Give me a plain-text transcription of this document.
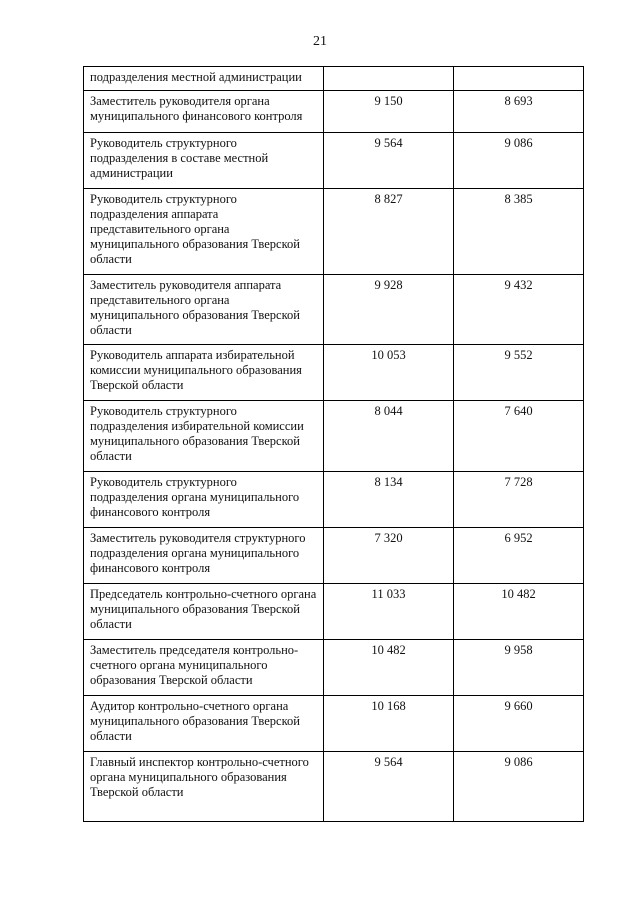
21
подразделения местной администрации		
Заместитель руководителя органа муниципального финансового контроля	9 150	8 693
Руководитель структурного подразделения в составе местной администрации	9 564	9 086
Руководитель структурного подразделения аппарата представительного органа муниципального образования Тверской области	8 827	8 385
Заместитель руководителя аппарата представительного органа муниципального образования Тверской области	9 928	9 432
Руководитель аппарата избирательной комиссии муниципального образования Тверской области	10 053	9 552
Руководитель структурного подразделения избирательной комиссии муниципального образования Тверской области	8 044	7 640
Руководитель структурного подразделения органа муниципального финансового контроля	8 134	7 728
Заместитель руководителя структурного подразделения органа муниципального финансового контроля	7 320	6 952
Председатель контрольно-счетного органа муниципального образования Тверской области	11 033	10 482
Заместитель председателя контрольно-счетного органа муниципального образования Тверской области	10 482	9 958
Аудитор контрольно-счетного органа муниципального образования Тверской области	10 168	9 660
Главный инспектор контрольно-счетного органа муниципального образования Тверской области	9 564	9 086
